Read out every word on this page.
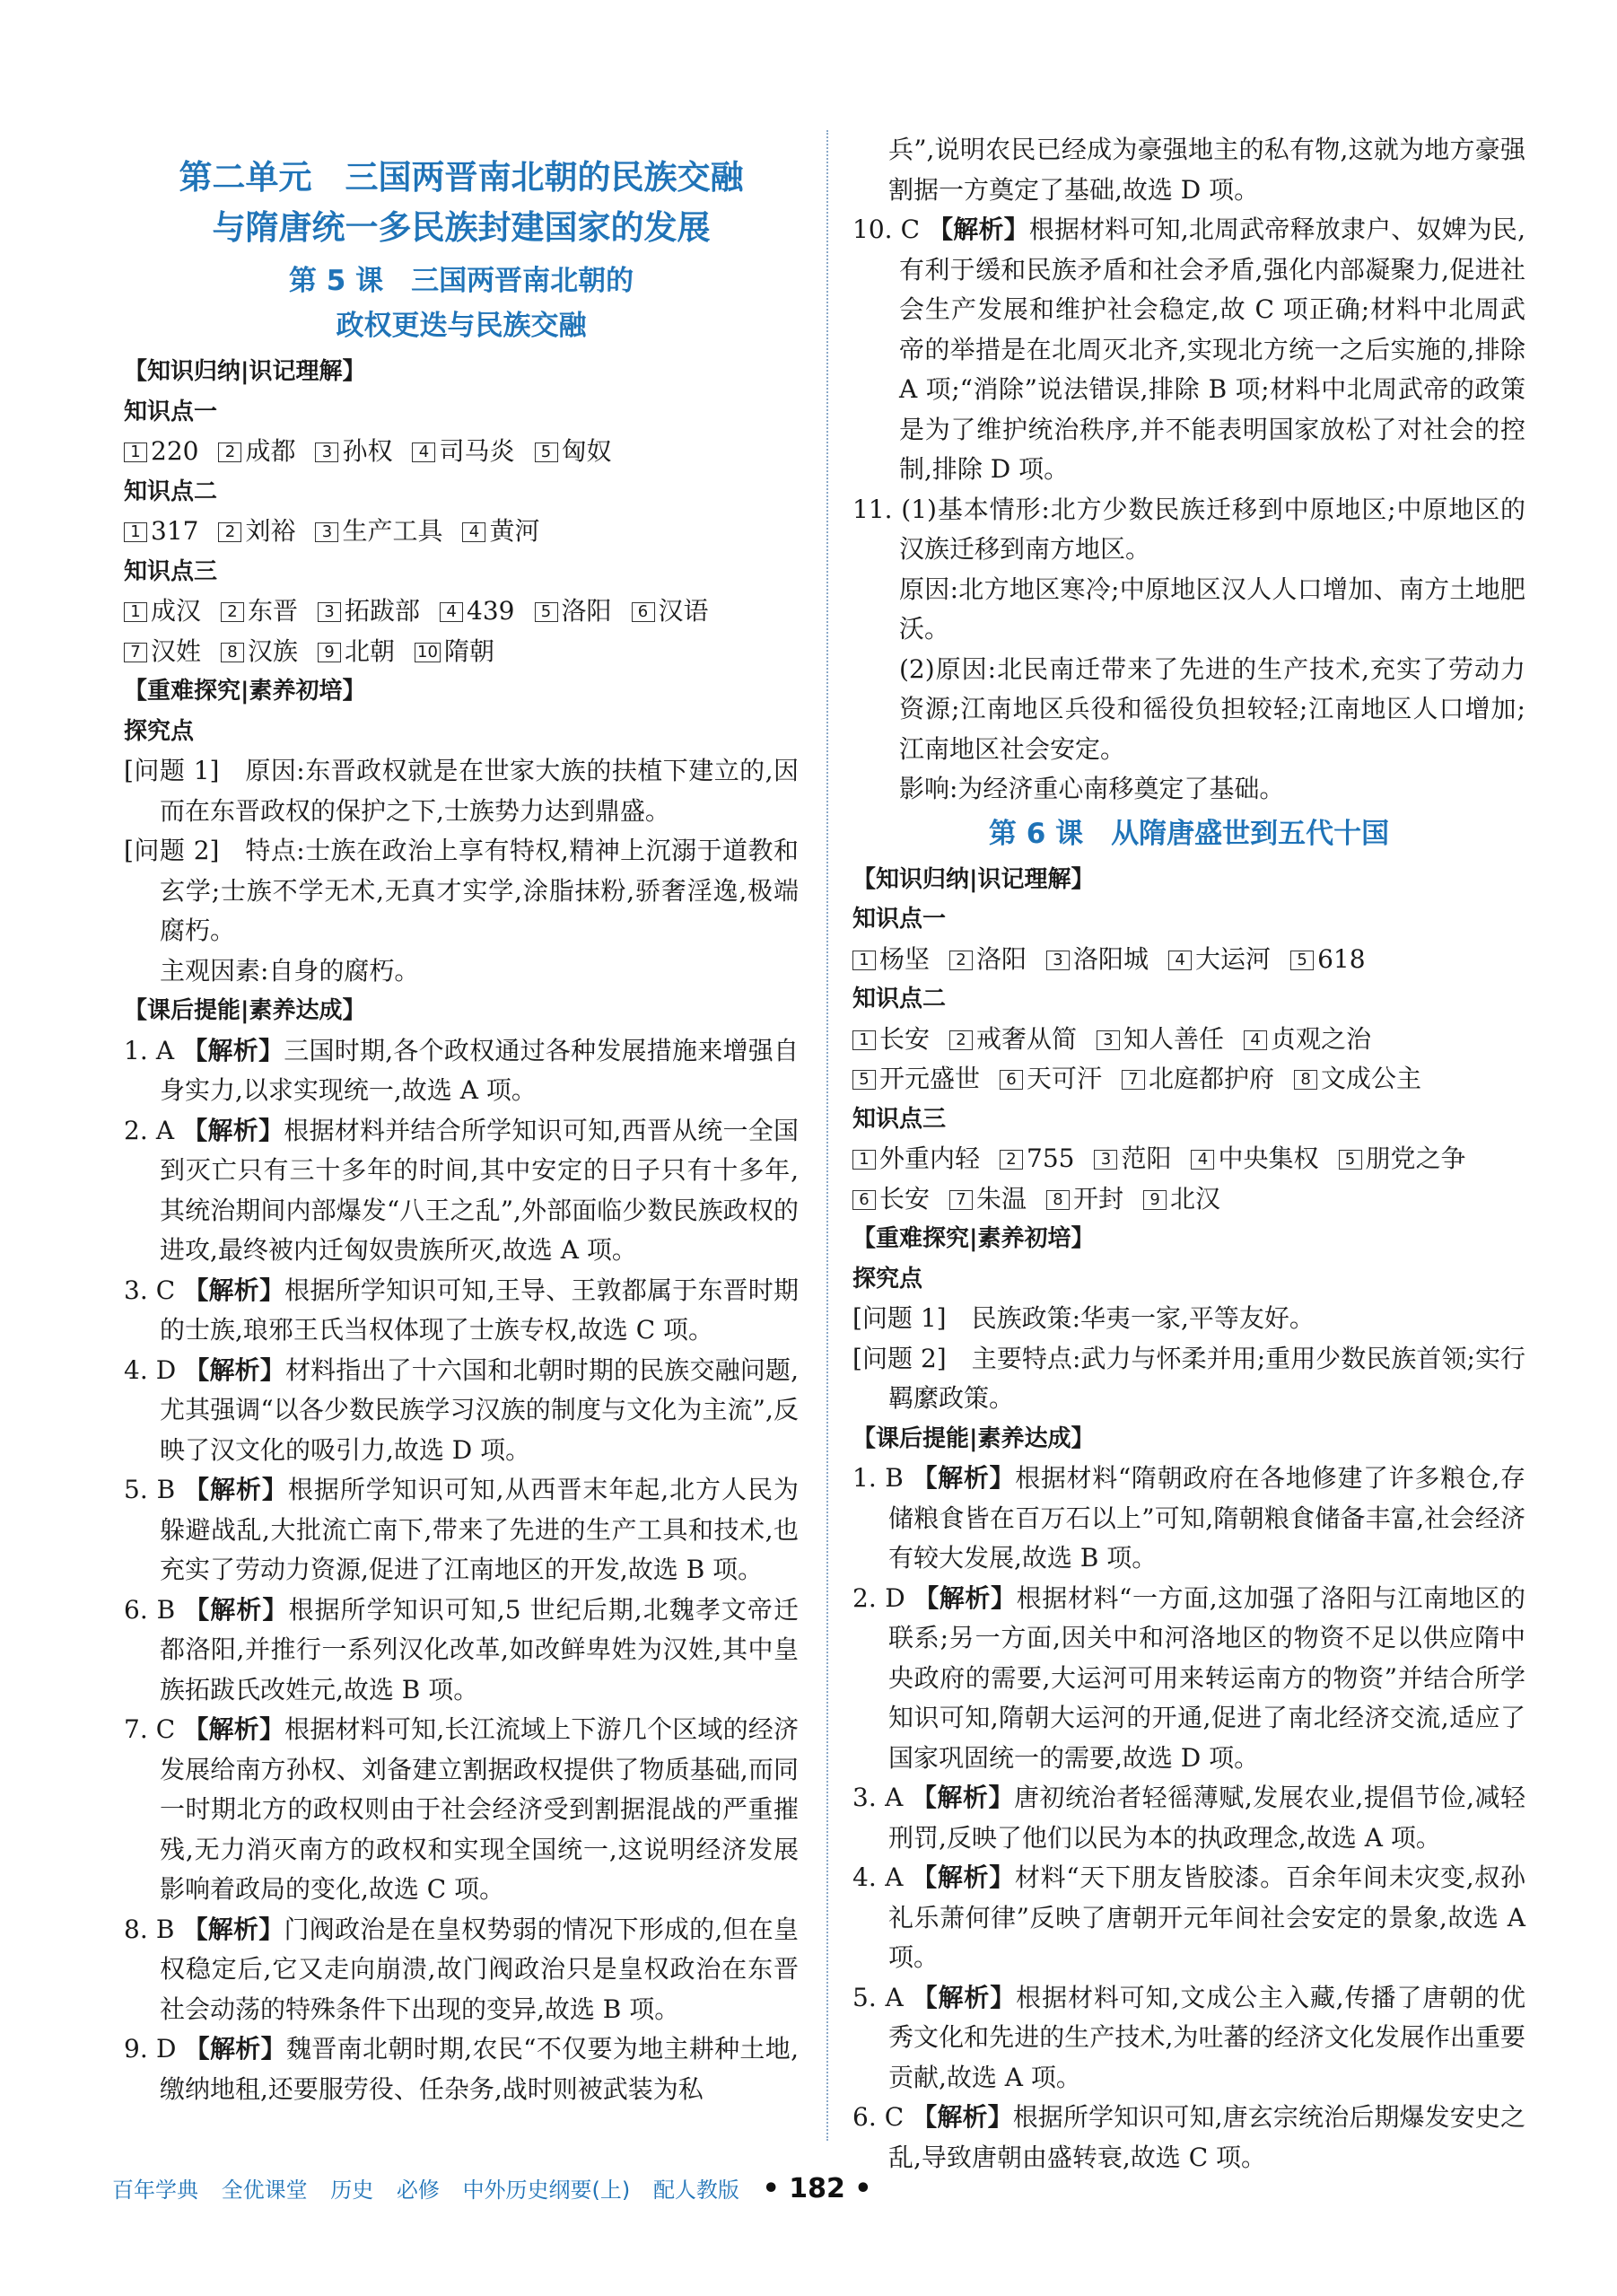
第二单元　三国两晋南北朝的民族交融
与隋唐统一多民族封建国家的发展
第 5 课　三国两晋南北朝的
政权更迭与民族交融
【知识归纳|识记理解】
知识点一
1 220 2 成都 3 孙权 4 司马炎 5 匈奴
知识点二
1 317 2 刘裕 3 生产工具 4 黄河
知识点三
1 成汉 2 东晋 3 拓跋部 4 439 5 洛阳 6 汉语
7 汉姓 8 汉族 9 北朝 10 隋朝
【重难探究|素养初培】
探究点
[问题 1]　原因:东晋政权就是在世家大族的扶植下建立的,因而在东晋政权的保护之下,士族势力达到鼎盛。
[问题 2]　特点:士族在政治上享有特权,精神上沉溺于道教和玄学;士族不学无术,无真才实学,涂脂抹粉,骄奢淫逸,极端腐朽。
主观因素:自身的腐朽。
【课后提能|素养达成】
1. A 【解析】三国时期,各个政权通过各种发展措施来增强自身实力,以求实现统一,故选 A 项。
2. A 【解析】根据材料并结合所学知识可知,西晋从统一全国到灭亡只有三十多年的时间,其中安定的日子只有十多年,其统治期间内部爆发“八王之乱”,外部面临少数民族政权的进攻,最终被内迁匈奴贵族所灭,故选 A 项。
3. C 【解析】根据所学知识可知,王导、王敦都属于东晋时期的士族,琅邪王氏当权体现了士族专权,故选 C 项。
4. D 【解析】材料指出了十六国和北朝时期的民族交融问题,尤其强调“以各少数民族学习汉族的制度与文化为主流”,反映了汉文化的吸引力,故选 D 项。
5. B 【解析】根据所学知识可知,从西晋末年起,北方人民为躲避战乱,大批流亡南下,带来了先进的生产工具和技术,也充实了劳动力资源,促进了江南地区的开发,故选 B 项。
6. B 【解析】根据所学知识可知,5 世纪后期,北魏孝文帝迁都洛阳,并推行一系列汉化改革,如改鲜卑姓为汉姓,其中皇族拓跋氏改姓元,故选 B 项。
7. C 【解析】根据材料可知,长江流域上下游几个区域的经济发展给南方孙权、刘备建立割据政权提供了物质基础,而同一时期北方的政权则由于社会经济受到割据混战的严重摧残,无力消灭南方的政权和实现全国统一,这说明经济发展影响着政局的变化,故选 C 项。
8. B 【解析】门阀政治是在皇权势弱的情况下形成的,但在皇权稳定后,它又走向崩溃,故门阀政治只是皇权政治在东晋社会动荡的特殊条件下出现的变异,故选 B 项。
9. D 【解析】魏晋南北朝时期,农民“不仅要为地主耕种土地,缴纳地租,还要服劳役、任杂务,战时则被武装为私
兵”,说明农民已经成为豪强地主的私有物,这就为地方豪强割据一方奠定了基础,故选 D 项。
10. C 【解析】根据材料可知,北周武帝释放隶户、奴婢为民,有利于缓和民族矛盾和社会矛盾,强化内部凝聚力,促进社会生产发展和维护社会稳定,故 C 项正确;材料中北周武帝的举措是在北周灭北齐,实现北方统一之后实施的,排除 A 项;“消除”说法错误,排除 B 项;材料中北周武帝的政策是为了维护统治秩序,并不能表明国家放松了对社会的控制,排除 D 项。
11. (1)基本情形:北方少数民族迁移到中原地区;中原地区的汉族迁移到南方地区。
原因:北方地区寒冷;中原地区汉人人口增加、南方土地肥沃。
(2)原因:北民南迁带来了先进的生产技术,充实了劳动力资源;江南地区兵役和徭役负担较轻;江南地区人口增加;江南地区社会安定。
影响:为经济重心南移奠定了基础。
第 6 课　从隋唐盛世到五代十国
【知识归纳|识记理解】
知识点一
1 杨坚 2 洛阳 3 洛阳城 4 大运河 5 618
知识点二
1 长安 2 戒奢从简 3 知人善任 4 贞观之治
5 开元盛世 6 天可汗 7 北庭都护府 8 文成公主
知识点三
1 外重内轻 2 755 3 范阳 4 中央集权 5 朋党之争
6 长安 7 朱温 8 开封 9 北汉
【重难探究|素养初培】
探究点
[问题 1]　民族政策:华夷一家,平等友好。
[问题 2]　主要特点:武力与怀柔并用;重用少数民族首领;实行羁縻政策。
【课后提能|素养达成】
1. B 【解析】根据材料“隋朝政府在各地修建了许多粮仓,存储粮食皆在百万石以上”可知,隋朝粮食储备丰富,社会经济有较大发展,故选 B 项。
2. D 【解析】根据材料“一方面,这加强了洛阳与江南地区的联系;另一方面,因关中和河洛地区的物资不足以供应隋中央政府的需要,大运河可用来转运南方的物资”并结合所学知识可知,隋朝大运河的开通,促进了南北经济交流,适应了国家巩固统一的需要,故选 D 项。
3. A 【解析】唐初统治者轻徭薄赋,发展农业,提倡节俭,减轻刑罚,反映了他们以民为本的执政理念,故选 A 项。
4. A 【解析】材料“天下朋友皆胶漆。百余年间未灾变,叔孙礼乐萧何律”反映了唐朝开元年间社会安定的景象,故选 A 项。
5. A 【解析】根据材料可知,文成公主入藏,传播了唐朝的优秀文化和先进的生产技术,为吐蕃的经济文化发展作出重要贡献,故选 A 项。
6. C 【解析】根据所学知识可知,唐玄宗统治后期爆发安史之乱,导致唐朝由盛转衰,故选 C 项。
百年学典 全优课堂 历史 必修 中外历史纲要(上) 配人教版 • 182 •
